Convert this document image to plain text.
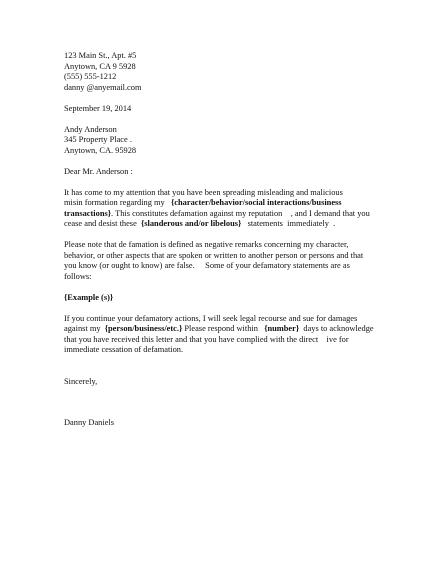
123 Main St., Apt. #5
Anytown, CA 9 5928
(555) 555-1212
danny @anyemail.com
September 19, 2014
Andy Anderson
345 Property Place .
Anytown, CA. 95928
Dear Mr. Anderson :
It has come to my attention that you have been spreading misleading and malicious
misin formation regarding my   {character/behavior/social interactions/business
transactions}. This constitutes defamation against my reputation    , and I demand that you
cease and desist these  {slanderous and/or libelous}   statements  immediately  .
Please note that de famation is defined as negative remarks concerning my character,
behavior, or other aspects that are spoken or written to another person or persons and that
you know (or ought to know) are false.     Some of your defamatory statements are as
follows:
{Example (s)}
If you continue your defamatory actions, I will seek legal recourse and sue for damages
against my  {person/business/etc.} Please respond within   {number}  days to acknowledge
that you have received this letter and that you have complied with the direct    ive for
immediate cessation of defamation.
Sincerely,
Danny Daniels
